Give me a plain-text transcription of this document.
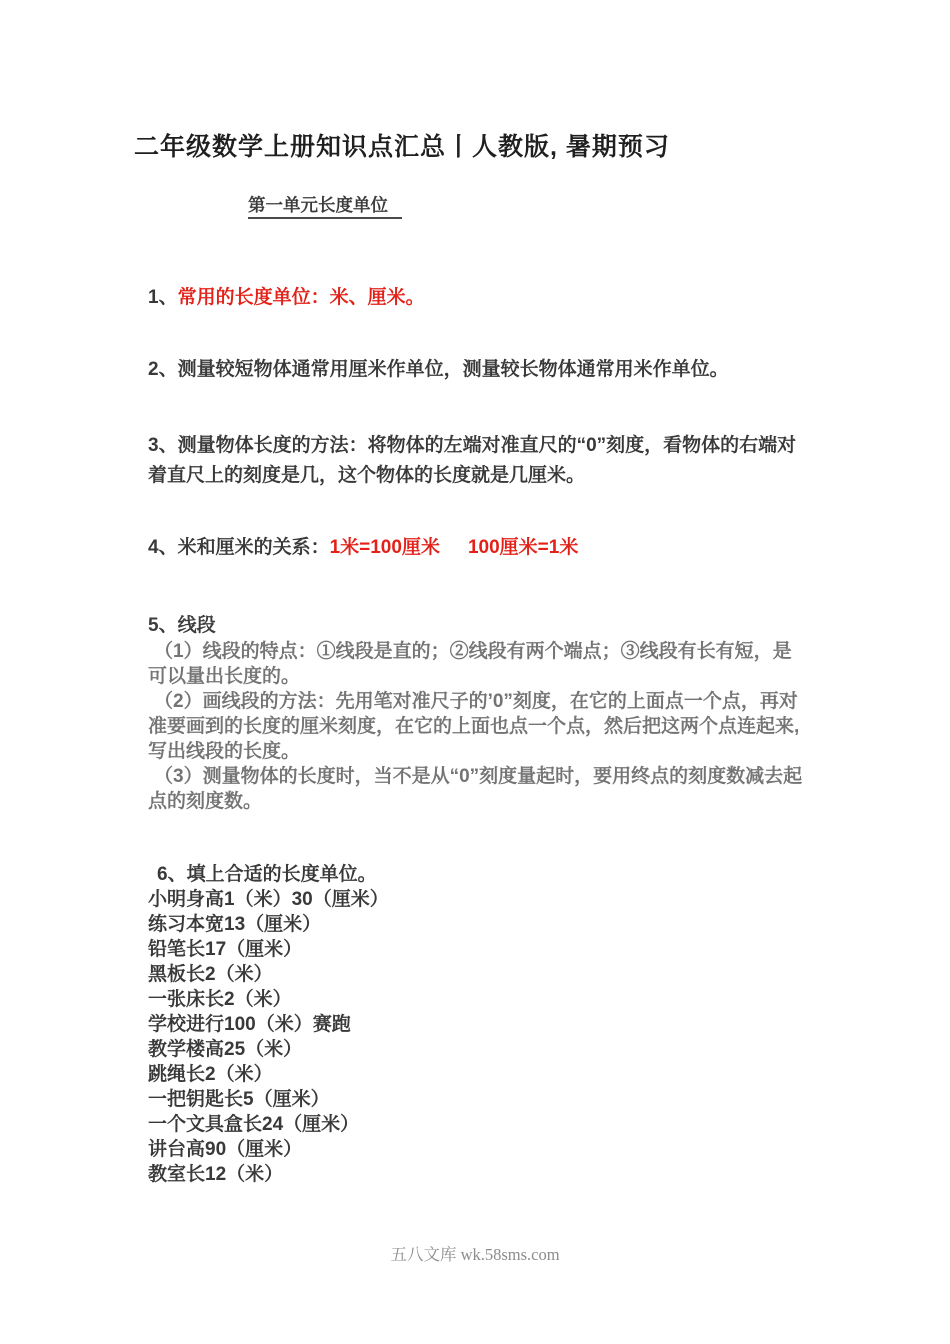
二年级数学上册知识点汇总丨人教版, 暑期预习
第一单元长度单位

1、常用的长度单位：米、厘米。

2、测量较短物体通常用厘米作单位，测量较长物体通常用米作单位。

3、测量物体长度的方法：将物体的左端对准直尺的“0”刻度，看物体的右端对着直尺上的刻度是几，这个物体的长度就是几厘米。

4、米和厘米的关系：1米=100厘米 100厘米=1米

5、线段

（1）线段的特点：①线段是直的；②线段有两个端点；③线段有长有短，是可以量出长度的。

（2）画线段的方法：先用笔对准尺子的’0”刻度，在它的上面点一个点，再对准要画到的长度的厘米刻度，在它的上面也点一个点，然后把这两个点连起来,写出线段的长度。

（3）测量物体的长度时，当不是从“0”刻度量起时，要用终点的刻度数减去起点的刻度数。

6、填上合适的长度单位。

小明身高1（米）30（厘米）
练习本宽13（厘米）
铅笔长17（厘米）
黑板长2（米）
一张床长2（米）
学校进行100（米）赛跑
教学楼高25（米）
跳绳长2（米）
一把钥匙长5（厘米）
一个文具盒长24（厘米）
讲台高90（厘米）
教室长12（米）
五八文库 wk.58sms.com
